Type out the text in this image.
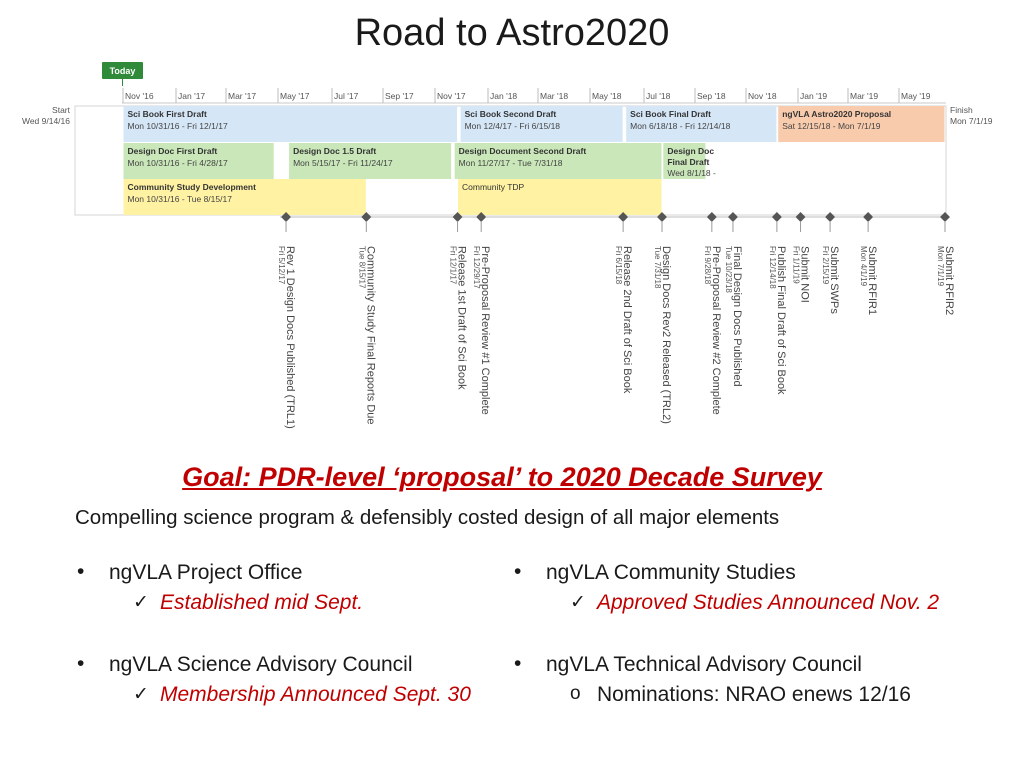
Road to Astro2020
Today
Nov '16	Jan '17	Mar '17	May '17	Jul '17	Sep '17	Nov '17	Jan '18	Mar '18	May '18	Jul '18	Sep '18	Nov '18	Jan '19	Mar '19	May '19
Start
Wed 9/14/16
Finish
Mon 7/1/19
Sci Book First Draft
Mon 10/31/16 - Fri 12/1/17
Sci Book Second Draft
Mon 12/4/17 - Fri 6/15/18
Sci Book Final Draft
Mon 6/18/18 - Fri 12/14/18
ngVLA Astro2020 Proposal
Sat 12/15/18 - Mon 7/1/19
Design Doc First Draft
Mon 10/31/16 - Fri 4/28/17
Design Doc 1.5 Draft
Mon 5/15/17 - Fri 11/24/17
Design Document Second Draft
Mon 11/27/17 - Tue 7/31/18
Design Doc
Final Draft
Wed 8/1/18 -
Community Study Development
Mon 10/31/16 - Tue 8/15/17
Community TDP
Fri 5/12/17
Rev 1 Design Docs Published (TRL1)	Tue 8/15/17
Community Study Final Reports Due	Fri 12/1/17
Release 1st Draft of Sci Book Fri 12/29/17
Pre-Proposal Review #1 Complete	Fri 6/15/18
Release 2nd Draft of Sci Book Tue 7/31/18
Design Docs Rev2 Released (TRL2)	Fri 9/28/18
Pre-Proposal Review #2 Complete Tue 10/23/18
Final Design Docs Published	Fri 12/14/18
Publish Final Draft of Sci Book Fri 1/11/19
Submit NOI Fri 2/15/19
Submit SWPs Mon 4/1/19
Submit RFIR1	Mon 7/1/19
Submit RFIR2
Goal: PDR-level ‘proposal’ to 2020 Decade Survey
Compelling science program & defensibly costed design of all major elements
• ngVLA Project Office
✓ Established mid Sept.
• ngVLA Community Studies
✓ Approved Studies Announced Nov. 2
• ngVLA Science Advisory Council
✓ Membership Announced Sept. 30
• ngVLA Technical Advisory Council
o Nominations: NRAO enews 12/16
